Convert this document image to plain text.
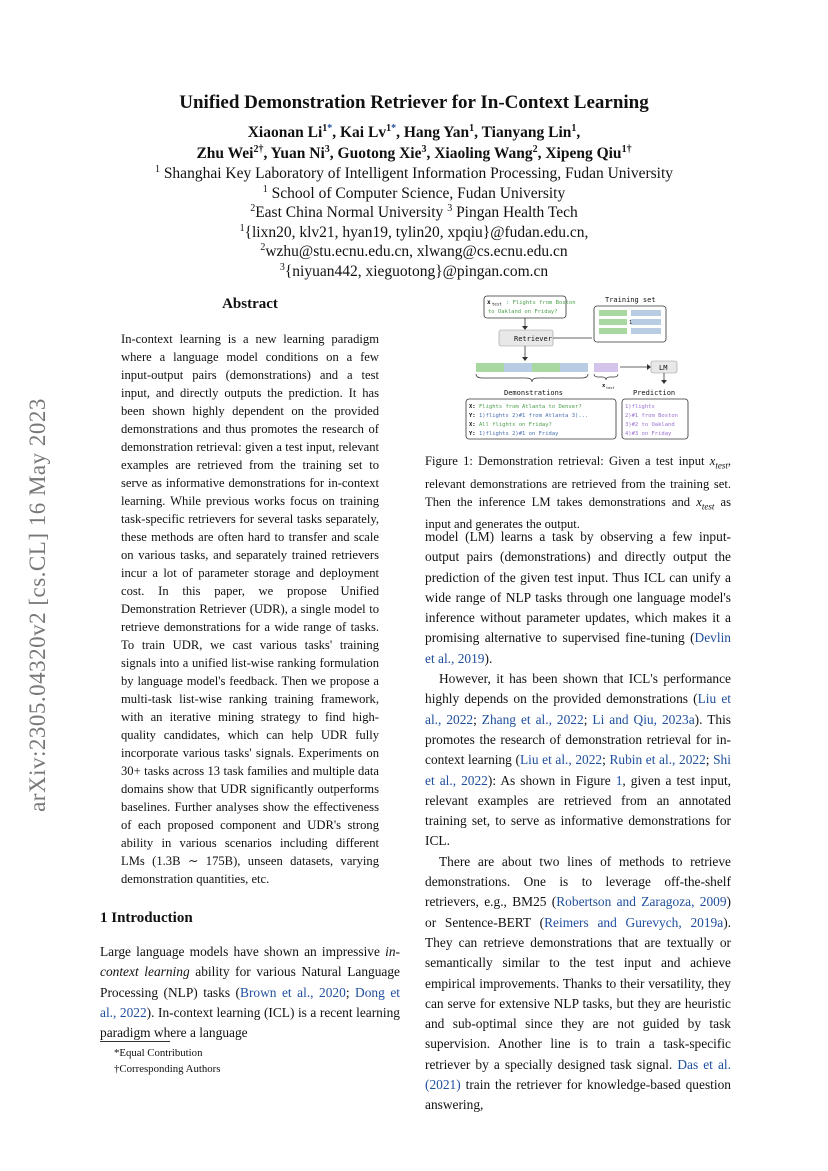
arXiv:2305.04320v2 [cs.CL] 16 May 2023
Unified Demonstration Retriever for In-Context Learning
Xiaonan $Li^{1*}$, Kai $Lv^{1*}$, Hang Yan$^1$, Tianyang Lin$^1$,
Zhu Wei$^{2\dagger}$, Yuan Ni$^3$, Guotong Xie$^3$, Xiaoling Wang$^2$, Xipeng Qiu$^{1\dagger}$
$^1$ Shanghai Key Laboratory of Intelligent Information Processing, Fudan University
$^1$ School of Computer Science, Fudan University
$^2$East China Normal University $^3$ Pingan Health Tech
$^1${lixn20, klv21, hyan19, tylin20, xpqiu}@fudan.edu.cn,
$^2$wzhu@stu.ecnu.edu.cn, xlwang@cs.ecnu.edu.cn
$^3${niyuan442, xieguotong}@pingan.com.cn
Abstract
In-context learning is a new learning paradigm where a language model conditions on a few input-output pairs (demonstrations) and a test input, and directly outputs the prediction. It has been shown highly dependent on the provided demonstrations and thus promotes the research of demonstration retrieval: given a test input, relevant examples are retrieved from the training set to serve as informative demonstrations for in-context learning. While previous works focus on training task-specific retrievers for several tasks separately, these methods are often hard to transfer and scale on various tasks, and separately trained retrievers incur a lot of parameter storage and deployment cost. In this paper, we propose Unified Demonstration Retriever (UDR), a single model to retrieve demonstrations for a wide range of tasks. To train UDR, we cast various tasks' training signals into a unified list-wise ranking formulation by language model's feedback. Then we propose a multi-task list-wise ranking training framework, with an iterative mining strategy to find high-quality candidates, which can help UDR fully incorporate various tasks' signals. Experiments on 30+ tasks across 13 task families and multiple data domains show that UDR significantly outperforms baselines. Further analyses show the effectiveness of each proposed component and UDR's strong ability in various scenarios including different LMs (1.3B ∼ 175B), unseen datasets, varying demonstration quantities, etc.
1 Introduction
Large language models have shown an impressive in-context learning ability for various Natural Language Processing (NLP) tasks (Brown et al., 2020; Dong et al., 2022). In-context learning (ICL) is a recent learning paradigm where a language
*Equal Contribution
†Corresponding Authors
x test : Flights from Boston
to Oakland on Friday?
Training set
1
Retriever
LM
x test
Demonstrations	Prediction
X: Flights from Atlanta to Denver?
Y: 1)flights 2)#1 from Atlanta 3)...
X: All flights on Friday?
Y: 1)flights 2)#1 on Friday
1)flights
2)#1 from Boston
3)#2 to Oakland
4)#3 on Friday
Figure 1: Demonstration retrieval: Given a test input $x_{test}$, relevant demonstrations are retrieved from the training set. Then the inference LM takes demonstrations and $x_{test}$ as input and generates the output.

model (LM) learns a task by observing a few input-output pairs (demonstrations) and directly output the prediction of the given test input. Thus ICL can unify a wide range of NLP tasks through one language model's inference without parameter updates, which makes it a promising alternative to supervised fine-tuning (Devlin et al., 2019).

However, it has been shown that ICL's performance highly depends on the provided demonstrations (Liu et al., 2022; Zhang et al., 2022; Li and Qiu, 2023a). This promotes the research of demonstration retrieval for in-context learning (Liu et al., 2022; Rubin et al., 2022; Shi et al., 2022): As shown in Figure 1, given a test input, relevant examples are retrieved from an annotated training set, to serve as informative demonstrations for ICL.

There are about two lines of methods to retrieve demonstrations. One is to leverage off-the-shelf retrievers, e.g., BM25 (Robertson and Zaragoza, 2009) or Sentence-BERT (Reimers and Gurevych, 2019a). They can retrieve demonstrations that are textually or semantically similar to the test input and achieve empirical improvements. Thanks to their versatility, they can serve for extensive NLP tasks, but they are heuristic and sub-optimal since they are not guided by task supervision. Another line is to train a task-specific retriever by a specially designed task signal. Das et al. (2021) train the retriever for knowledge-based question answering,
